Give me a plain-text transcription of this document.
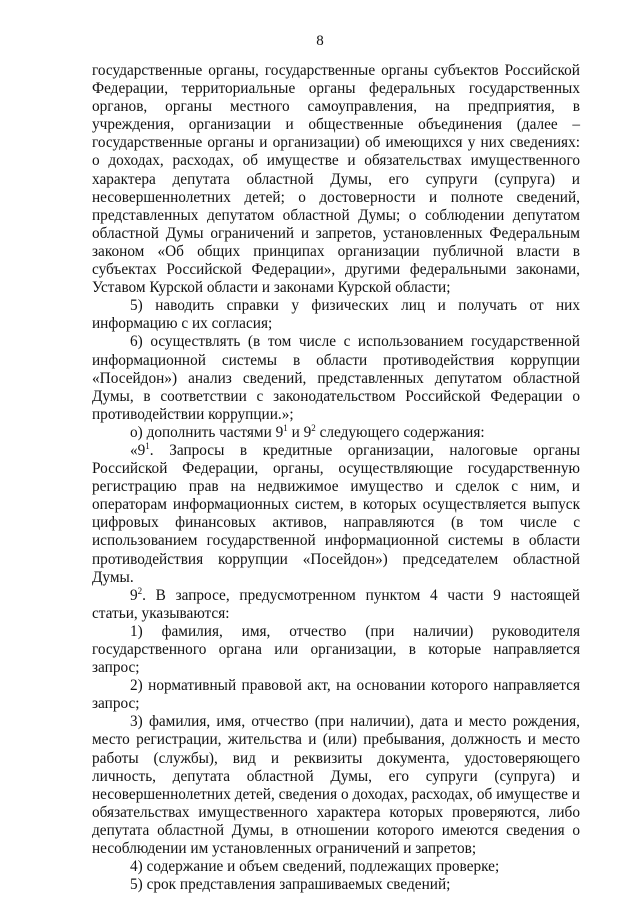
8

государственные органы, государственные органы субъектов Российской Федерации, территориальные органы федеральных государственных органов, органы местного самоуправления, на предприятия, в учреждения, организации и общественные объединения (далее – государственные органы и организации) об имеющихся у них сведениях: о доходах, расходах, об имуществе и обязательствах имущественного характера депутата областной Думы, его супруги (супруга) и несовершеннолетних детей; о достоверности и полноте сведений, представленных депутатом областной Думы; о соблюдении депутатом областной Думы ограничений и запретов, установленных Федеральным законом «Об общих принципах организации публичной власти в субъектах Российской Федерации», другими федеральными законами, Уставом Курской области и законами Курской области;

5) наводить справки у физических лиц и получать от них информацию с их согласия;

6) осуществлять (в том числе с использованием государственной информационной системы в области противодействия коррупции «Посейдон») анализ сведений, представленных депутатом областной Думы, в соответствии с законодательством Российской Федерации о противодействии коррупции.»;

о) дополнить частями $9^1$ и $9^2$ следующего содержания:

«$9^1$. Запросы в кредитные организации, налоговые органы Российской Федерации, органы, осуществляющие государственную регистрацию прав на недвижимое имущество и сделок с ним, и операторам информационных систем, в которых осуществляется выпуск цифровых финансовых активов, направляются (в том числе с использованием государственной информационной системы в области противодействия коррупции «Посейдон») председателем областной Думы.

$9^2$. В запросе, предусмотренном пунктом 4 части 9 настоящей статьи, указываются:

1) фамилия, имя, отчество (при наличии) руководителя государственного органа или организации, в которые направляется запрос;

2) нормативный правовой акт, на основании которого направляется запрос;

3) фамилия, имя, отчество (при наличии), дата и место рождения, место регистрации, жительства и (или) пребывания, должность и место работы (службы), вид и реквизиты документа, удостоверяющего личность, депутата областной Думы, его супруги (супруга) и несовершеннолетних детей, сведения о доходах, расходах, об имуществе и обязательствах имущественного характера которых проверяются, либо депутата областной Думы, в отношении которого имеются сведения о несоблюдении им установленных ограничений и запретов;

4) содержание и объем сведений, подлежащих проверке;

5) срок представления запрашиваемых сведений;
